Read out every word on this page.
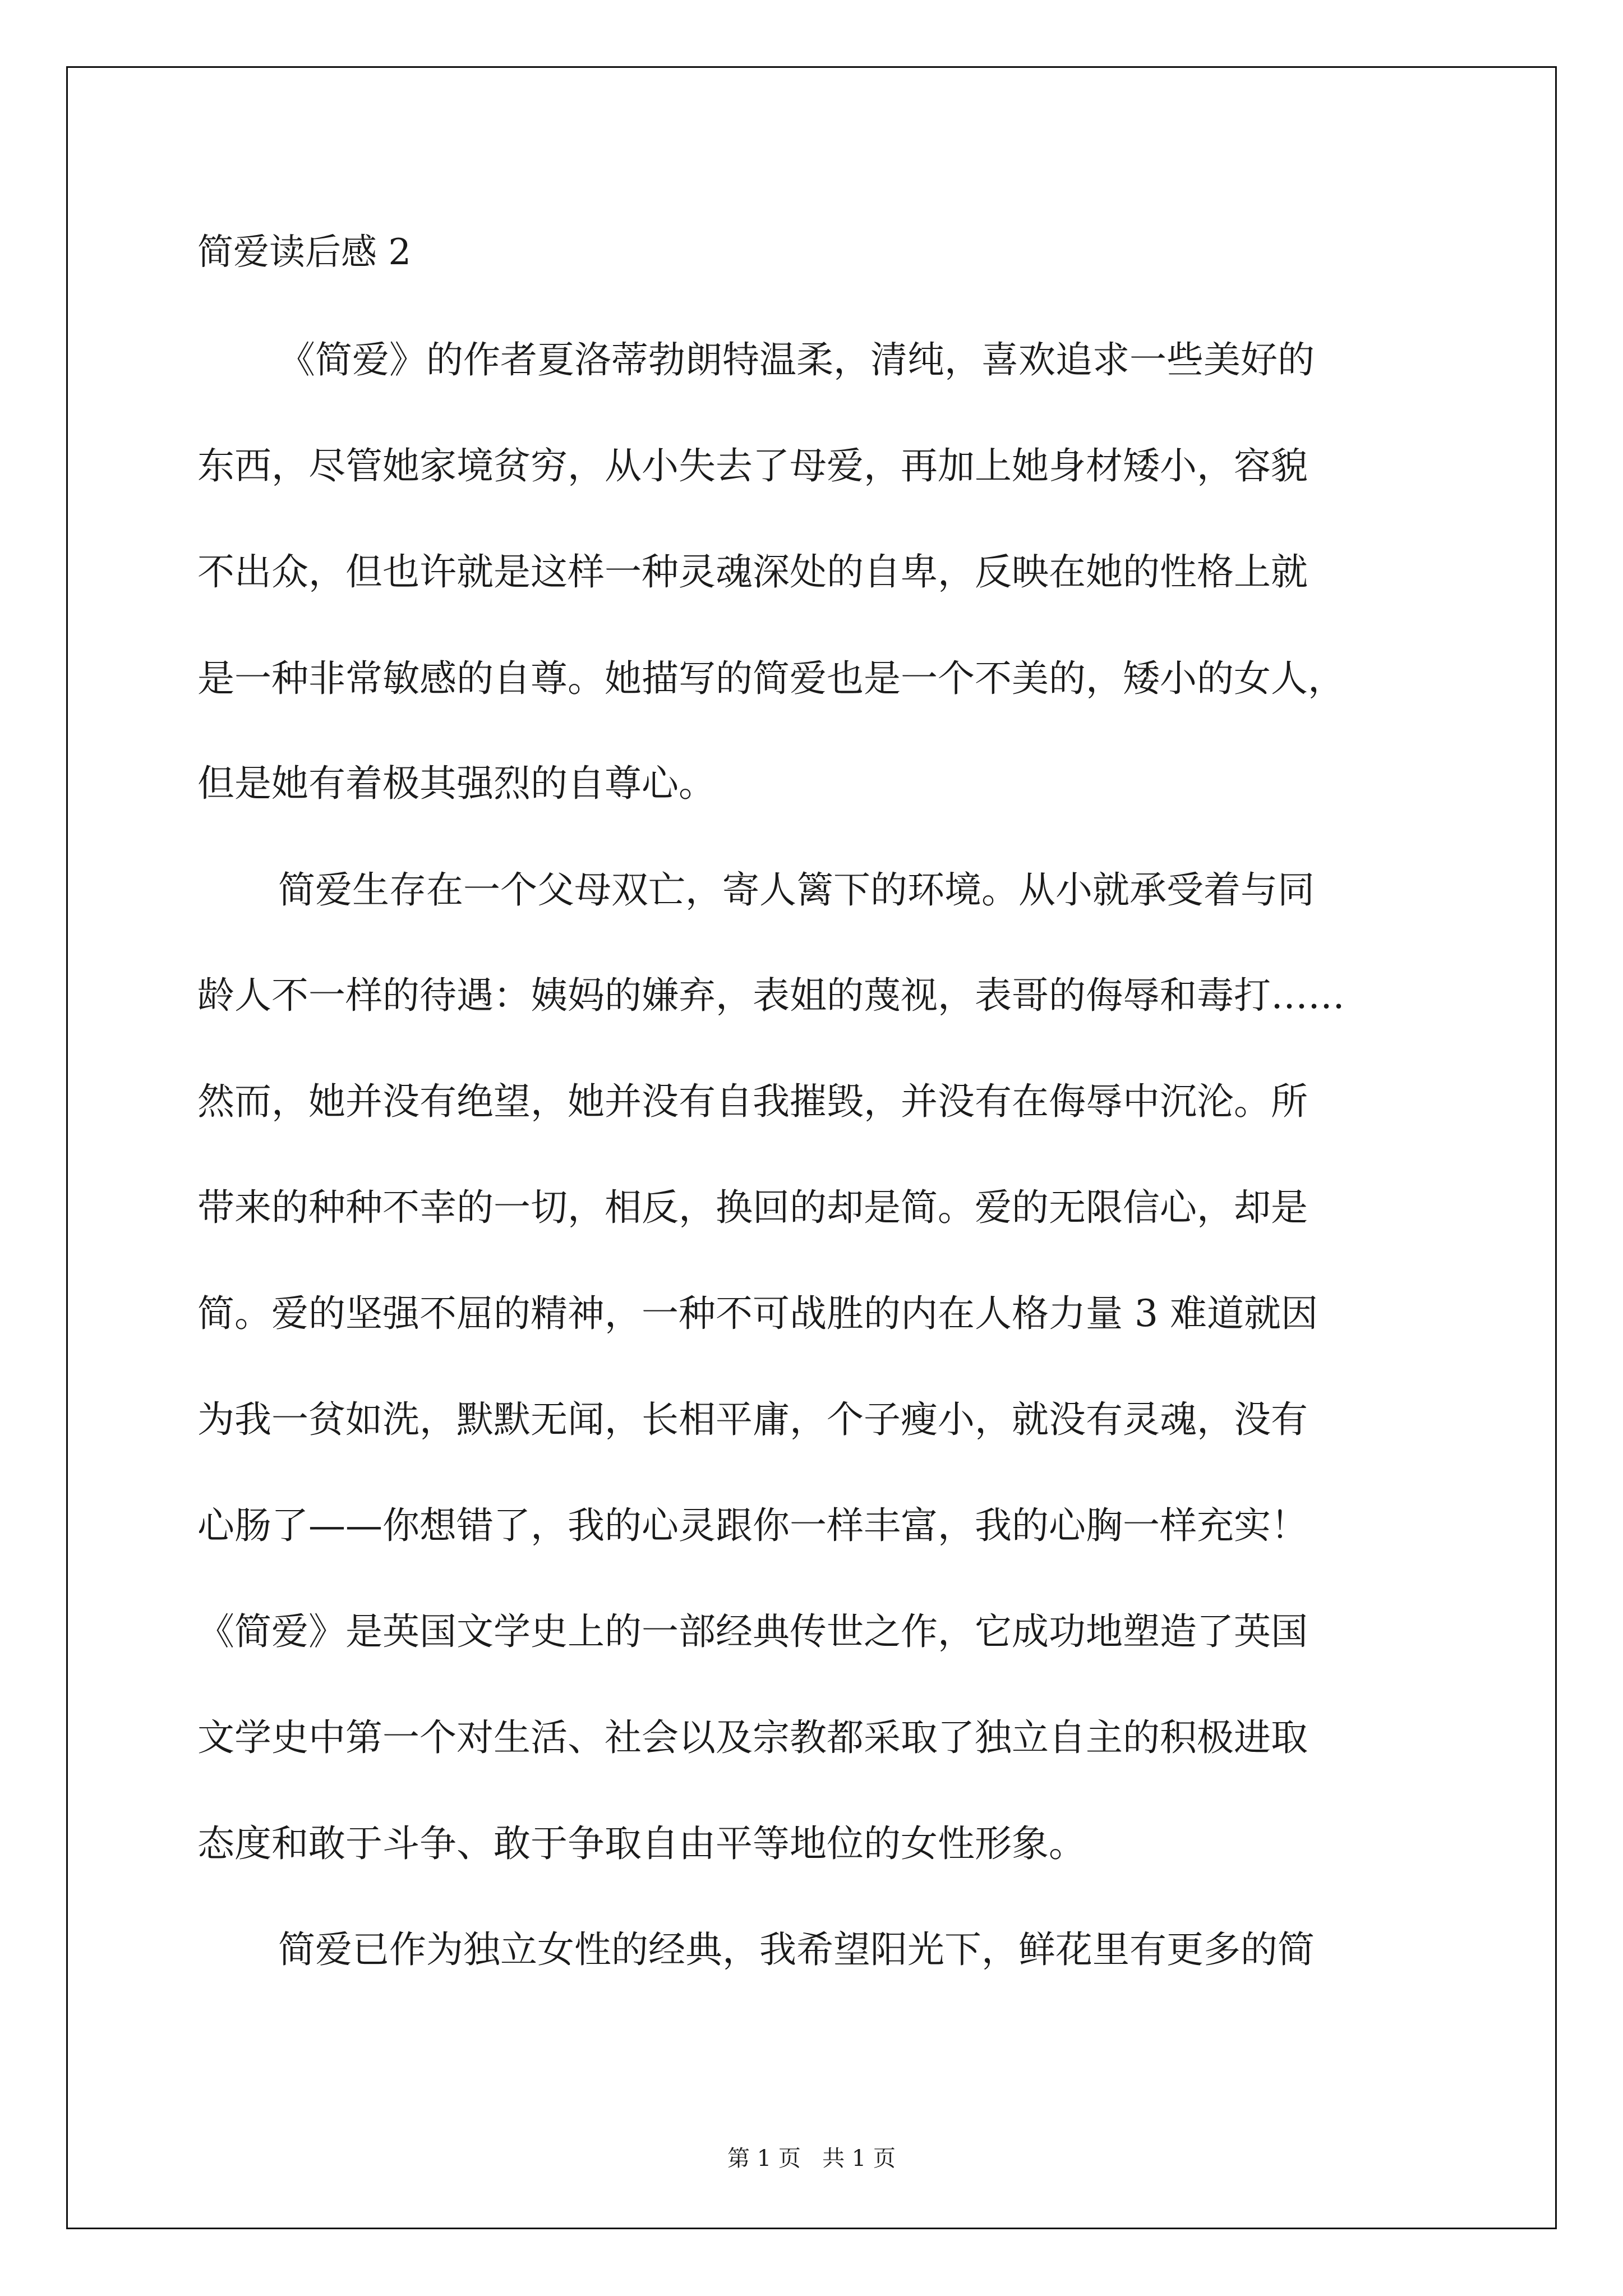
简爱读后感 2
《简爱》的作者夏洛蒂勃朗特温柔，清纯，喜欢追求一些美好的
东西，尽管她家境贫穷，从小失去了母爱，再加上她身材矮小，容貌
不出众，但也许就是这样一种灵魂深处的自卑，反映在她的性格上就
是一种非常敏感的自尊。她描写的简爱也是一个不美的，矮小的女人，
但是她有着极其强烈的自尊心。
简爱生存在一个父母双亡，寄人篱下的环境。从小就承受着与同
龄人不一样的待遇：姨妈的嫌弃，表姐的蔑视，表哥的侮辱和毒打……
然而，她并没有绝望，她并没有自我摧毁，并没有在侮辱中沉沦。所
带来的种种不幸的一切，相反，换回的却是简。爱的无限信心，却是
简。爱的坚强不屈的精神，一种不可战胜的内在人格力量 3 难道就因
为我一贫如洗，默默无闻，长相平庸，个子瘦小，就没有灵魂，没有
心肠了——你想错了，我的心灵跟你一样丰富，我的心胸一样充实！
《简爱》是英国文学史上的一部经典传世之作，它成功地塑造了英国
文学史中第一个对生活、社会以及宗教都采取了独立自主的积极进取
态度和敢于斗争、敢于争取自由平等地位的女性形象。
简爱已作为独立女性的经典，我希望阳光下，鲜花里有更多的简
第 1 页   共 1 页
